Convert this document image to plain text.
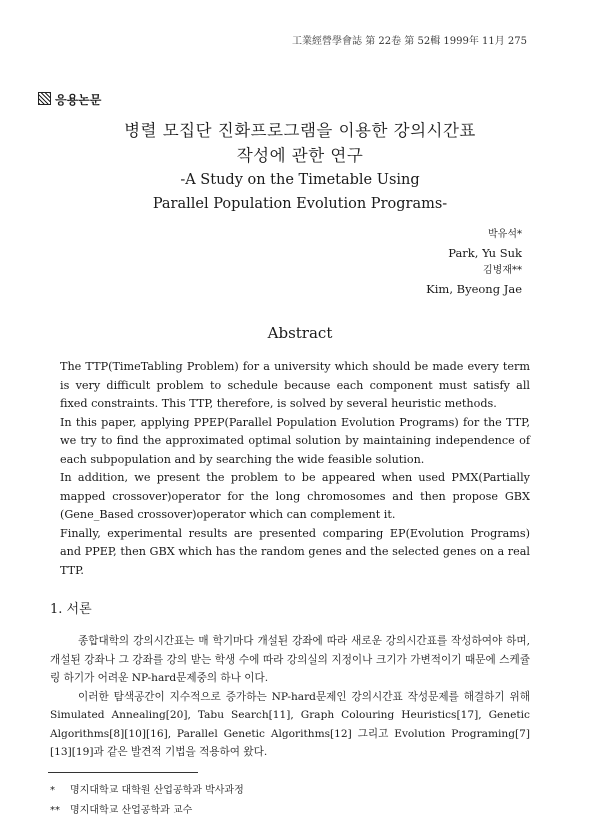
工業經營學會誌 第 22卷 第 52輯 1999年 11月 275
응용논문
병렬 모집단 진화프로그램을 이용한 강의시간표
작성에 관한 연구
-A Study on the Timetable Using
Parallel Population Evolution Programs-
박유석*
Park, Yu Suk
김병재**
Kim, Byeong Jae
Abstract

The TTP(TimeTabling Problem) for a university which should be made every term is very difficult problem to schedule because each component must satisfy all fixed constraints. This TTP, therefore, is solved by several heuristic methods.

In this paper, applying PPEP(Parallel Population Evolution Programs) for the TTP, we try to find the approximated optimal solution by maintaining independence of each subpopulation and by searching the wide feasible solution.

In addition, we present the problem to be appeared when used PMX(Partially mapped crossover)operator for the long chromosomes and then propose GBX (Gene_Based crossover)operator which can complement it.

Finally, experimental results are presented comparing EP(Evolution Programs) and PPEP, then GBX which has the random genes and the selected genes on a real TTP.

1. 서론

종합대학의 강의시간표는 매 학기마다 개설된 강좌에 따라 새로운 강의시간표를 작성하여야 하며, 개설된 강좌나 그 강좌를 강의 받는 학생 수에 따라 강의실의 지정이나 크기가 가변적이기 때문에 스케쥴링 하기가 어려운 NP-hard문제중의 하나 이다.

이러한 탐색공간이 지수적으로 증가하는 NP-hard문제인 강의시간표 작성문제를 해결하기 위해 Simulated Annealing[20], Tabu Search[11], Graph Colouring Heuristics[17], Genetic Algorithms[8][10][16], Parallel Genetic Algorithms[12] 그리고 Evolution Programing[7][13][19]과 같은 발견적 기법을 적용하여 왔다.

* 명지대학교 대학원 산업공학과 박사과정
** 명지대학교 산업공학과 교수
